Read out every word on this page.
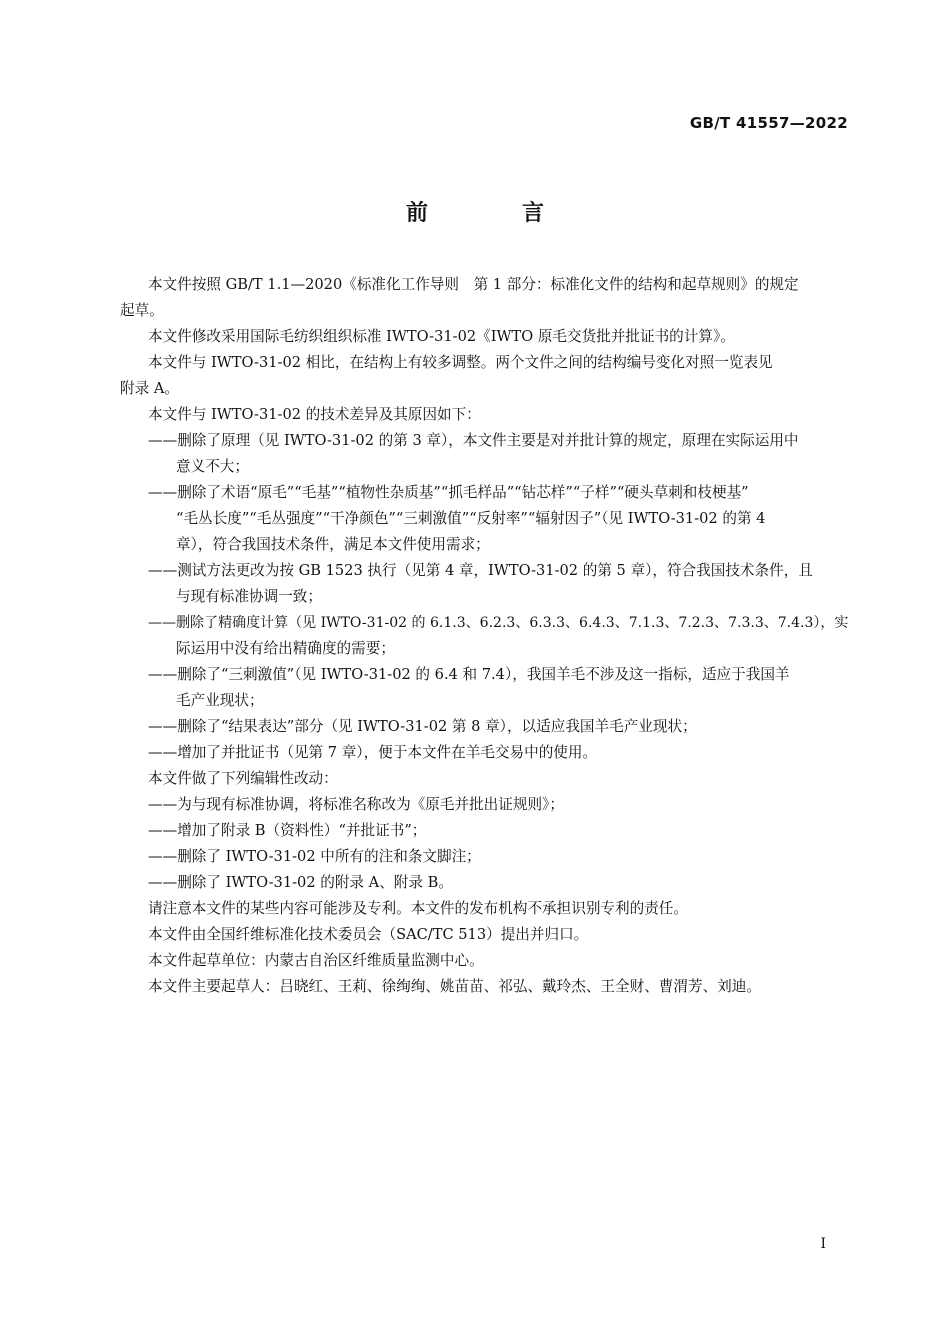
GB/T 41557—2022
前　言

本文件按照 GB/T 1.1—2020《标准化工作导则　第 1 部分：标准化文件的结构和起草规则》的规定

起草。

本文件修改采用国际毛纺织组织标准 IWTO-31-02《IWTO 原毛交货批并批证书的计算》。

本文件与 IWTO-31-02 相比，在结构上有较多调整。两个文件之间的结构编号变化对照一览表见

附录 A。

本文件与 IWTO-31-02 的技术差异及其原因如下：

——删除了原理（见 IWTO-31-02 的第 3 章），本文件主要是对并批计算的规定，原理在实际运用中

意义不大；

——删除了术语“原毛”“毛基”“植物性杂质基”“抓毛样品”“钻芯样”“子样”“硬头草刺和枝梗基”

“毛丛长度”“毛丛强度”“干净颜色”“三刺激值”“反射率”“辐射因子”（见 IWTO-31-02 的第 4

章），符合我国技术条件，满足本文件使用需求；

——测试方法更改为按 GB 1523 执行（见第 4 章，IWTO-31-02 的第 5 章），符合我国技术条件，且

与现有标准协调一致；

——删除了精确度计算（见 IWTO-31-02 的 6.1.3、6.2.3、6.3.3、6.4.3、7.1.3、7.2.3、7.3.3、7.4.3），实

际运用中没有给出精确度的需要；

——删除了“三刺激值”（见 IWTO-31-02 的 6.4 和 7.4），我国羊毛不涉及这一指标，适应于我国羊

毛产业现状；

——删除了“结果表达”部分（见 IWTO-31-02 第 8 章），以适应我国羊毛产业现状；

——增加了并批证书（见第 7 章），便于本文件在羊毛交易中的使用。

本文件做了下列编辑性改动：

——为与现有标准协调，将标准名称改为《原毛并批出证规则》；

——增加了附录 B（资料性）“并批证书”；

——删除了 IWTO-31-02 中所有的注和条文脚注；

——删除了 IWTO-31-02 的附录 A、附录 B。

请注意本文件的某些内容可能涉及专利。本文件的发布机构不承担识别专利的责任。

本文件由全国纤维标准化技术委员会（SAC/TC 513）提出并归口。

本文件起草单位：内蒙古自治区纤维质量监测中心。

本文件主要起草人：吕晓红、王莉、徐绚绚、姚苗苗、祁弘、戴玲杰、王全财、曹渭芳、刘迪。

I
